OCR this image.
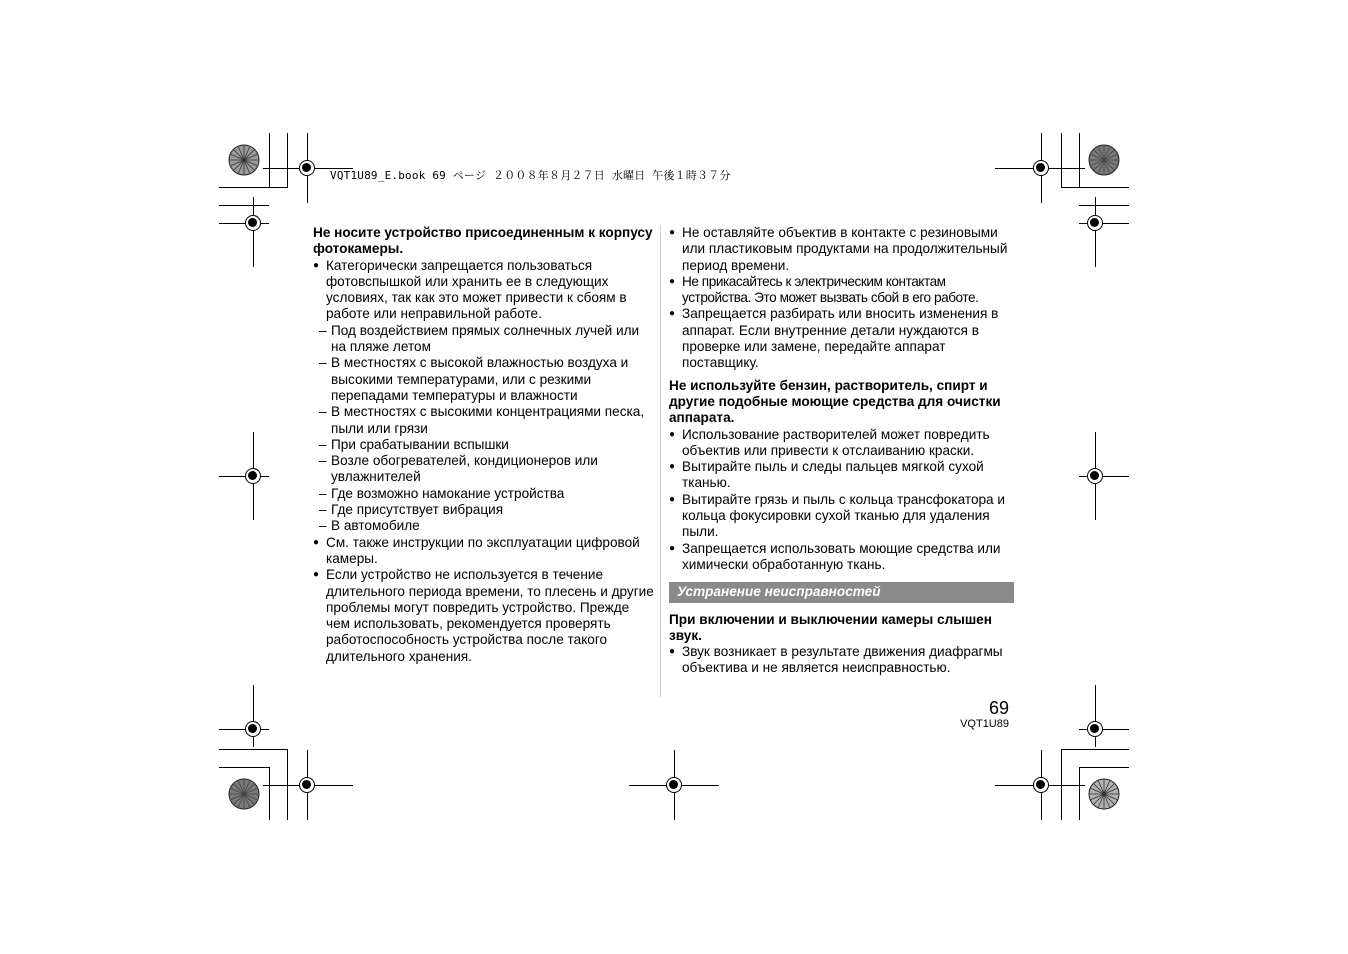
VQT1U89_E.book 69 ページ ２００８年８月２７日 水曜日 午後１時３７分

Не носите устройство присоединенным к корпусу фотокамеры.

● Категорически запрещается пользоваться фотовспышкой или хранить ее в следующих условиях, так как это может привести к сбоям в работе или неправильной работе.

– Под воздействием прямых солнечных лучей или на пляже летом

– В местностях с высокой влажностью воздуха и высокими температурами, или с резкими перепадами температуры и влажности

– В местностях с высокими концентрациями песка, пыли или грязи

– При срабатывании вспышки

– Возле обогревателей, кондиционеров или увлажнителей

– Где возможно намокание устройства

– Где присутствует вибрация

– В автомобиле

● См. также инструкции по эксплуатации цифровой камеры.

● Если устройство не используется в течение длительного периода времени, то плесень и другие проблемы могут повредить устройство. Прежде чем использовать, рекомендуется проверять работоспособность устройства после такого длительного хранения.

● Не оставляйте объектив в контакте с резиновыми или пластиковым продуктами на продолжительный период времени.

● Не прикасайтесь к электрическим контактам устройства. Это может вызвать сбой в его работе.

● Запрещается разбирать или вносить изменения в аппарат. Если внутренние детали нуждаются в проверке или замене, передайте аппарат поставщику.

Не используйте бензин, растворитель, спирт и другие подобные моющие средства для очистки аппарата.

● Использование растворителей может повредить объектив или привести к отслаиванию краски.

● Вытирайте пыль и следы пальцев мягкой сухой тканью.

● Вытирайте грязь и пыль с кольца трансфокатора и кольца фокусировки сухой тканью для удаления пыли.

● Запрещается использовать моющие средства или химически обработанную ткань.

Устранение неисправностей

При включении и выключении камеры слышен звук.

● Звук возникает в результате движения диафрагмы объектива и не является неисправностью.

69
VQT1U89
